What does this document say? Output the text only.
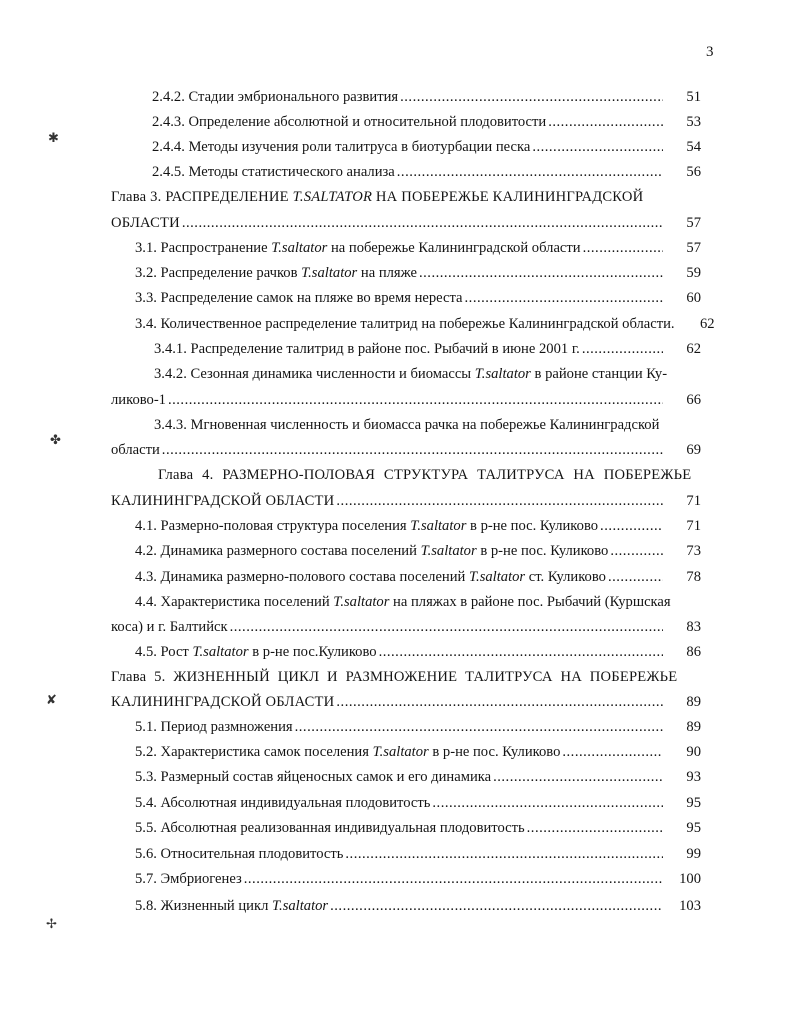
3
2.4.2. Стадии эмбрионального развития .....	51
2.4.3. Определение абсолютной и относительной плодовитости .....	53
2.4.4. Методы изучения роли талитруса в биотурбации песка .....	54
2.4.5. Методы статистического анализа .....	56
Глава 3. РАСПРЕДЕЛЕНИЕ T.SALTATOR НА ПОБЕРЕЖЬЕ КАЛИНИНГРАДСКОЙ
ОБЛАСТИ .....	57
3.1. Распространение T.saltator на побережье Калининградской области .....	57
3.2. Распределение рачков T.saltator на пляже .....	59
3.3. Распределение самок на пляже во время нереста .....	60
3.4. Количественное распределение талитрид на побережье Калининградской области.	62
3.4.1. Распределение талитрид в районе пос. Рыбачий в июне 2001 г. .....	62
3.4.2. Сезонная динамика численности и биомассы T.saltator в районе станции Ку-
ликово-1 .....	66
3.4.3. Мгновенная численность и биомасса рачка на побережье Калининградской
области .....	69
Глава 4. РАЗМЕРНО-ПОЛОВАЯ СТРУКТУРА ТАЛИТРУСА НА ПОБЕРЕЖЬЕ
КАЛИНИНГРАДСКОЙ ОБЛАСТИ .....	71
4.1. Размерно-половая структура поселения T.saltator в р-не пос. Куликово .....	71
4.2. Динамика размерного состава поселений T.saltator в р-не пос. Куликово .....	73
4.3. Динамика размерно-полового состава поселений T.saltator ст. Куликово .....	78
4.4. Характеристика поселений T.saltator на пляжах в районе пос. Рыбачий (Куршская
коса) и г. Балтийск .....	83
4.5. Рост T.saltator в р-не пос.Куликово .....	86
Глава 5. ЖИЗНЕННЫЙ ЦИКЛ И РАЗМНОЖЕНИЕ ТАЛИТРУСА НА ПОБЕРЕЖЬЕ
КАЛИНИНГРАДСКОЙ ОБЛАСТИ .....	89
5.1. Период размножения .....	89
5.2. Характеристика самок поселения T.saltator в р-не пос. Куликово .....	90
5.3. Размерный состав яйценосных самок и его динамика .....	93
5.4. Абсолютная индивидуальная плодовитость .....	95
5.5. Абсолютная реализованная индивидуальная плодовитость .....	95
5.6. Относительная плодовитость .....	99
5.7. Эмбриогенез .....	100
5.8. Жизненный цикл T.saltator .....	103
✱
✤
✘
✢
